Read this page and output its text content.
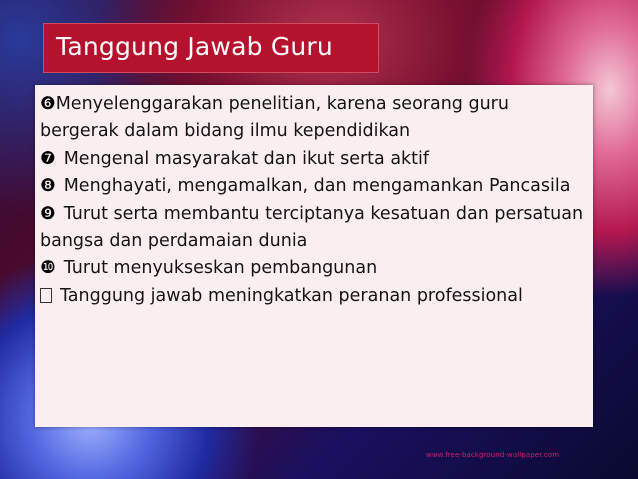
Tanggung Jawab Guru

❻Menyelenggarakan penelitian, karena seorang guru bergerak dalam bidang ilmu kependidikan

❼ Mengenal masyarakat dan ikut serta aktif

❽ Menghayati, mengamalkan, dan mengamankan Pancasila

❾ Turut serta membantu terciptanya kesatuan dan persatuan bangsa dan perdamaian dunia

❿ Turut menyukseskan pembangunan

Tanggung jawab meningkatkan peranan professional

www.free-background-wallpaper.com
